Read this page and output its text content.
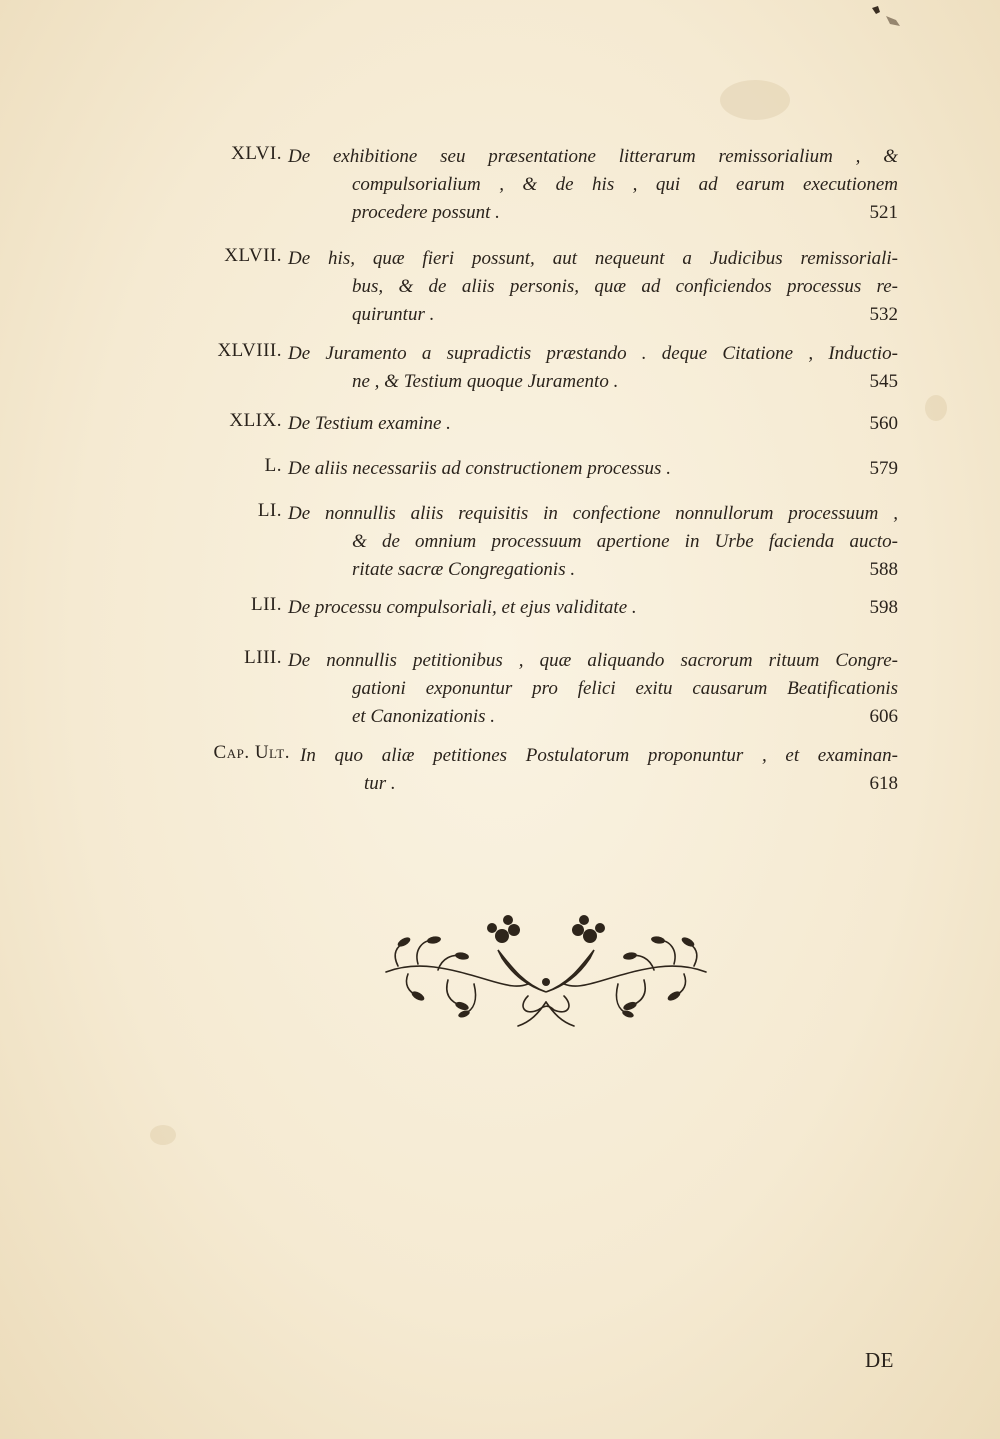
XLVI. De exhibitione seu præsentatione litterarum remissorialium , &
compulsorialium , & de his , qui ad earum executionem
procedere possunt .	521
XLVII. De his, quæ fieri possunt, aut nequeunt a Judicibus remissoriali-
bus, & de aliis personis, quæ ad conficiendos processus re-
quiruntur .	532
XLVIII. De Juramento a supradictis præstando . deque Citatione , Inductio-
ne , & Testium quoque Juramento .	545
XLIX. De Testium examine .	560
L. De aliis necessariis ad constructionem processus .	579
LI. De nonnullis aliis requisitis in confectione nonnullorum processuum ,
& de omnium processuum apertione in Urbe facienda aucto-
ritate sacræ Congregationis .	588
LII. De processu compulsoriali, et ejus validitate .	598
LIII. De nonnullis petitionibus , quæ aliquando sacrorum rituum Congre-
gationi exponuntur pro felici exitu causarum Beatificationis
et Canonizationis .	606
Cap. Ult. In quo aliæ petitiones Postulatorum proponuntur , et examinan-
tur .	618
DE
